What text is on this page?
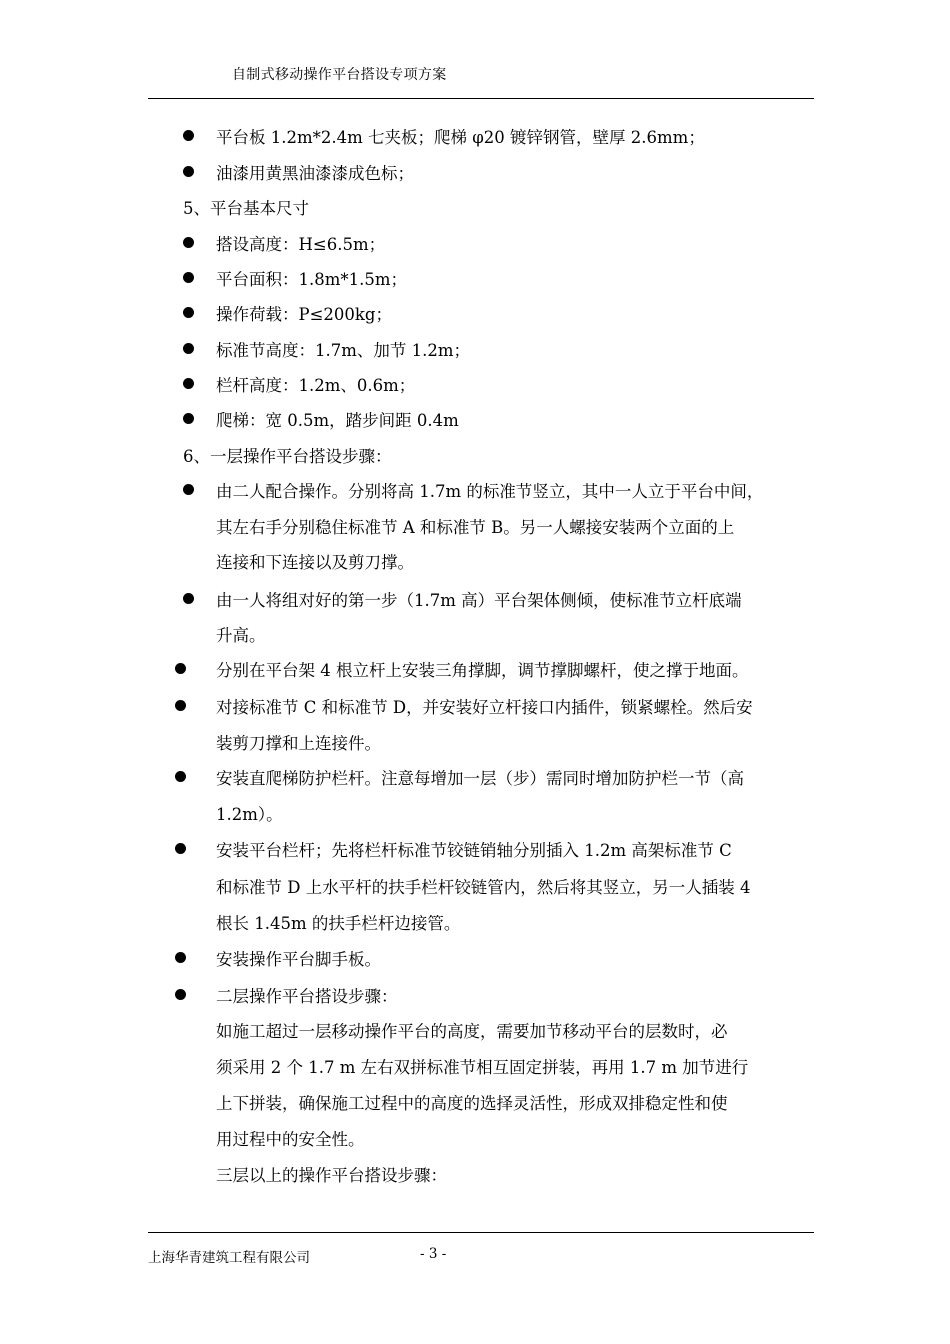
自制式移动操作平台搭设专项方案
平台板 1.2m*2.4m 七夹板；爬梯 φ20 镀锌钢管，壁厚 2.6mm；
油漆用黄黑油漆漆成色标；
5、平台基本尺寸
搭设高度：H≤6.5m；
平台面积：1.8m*1.5m；
操作荷载：P≤200kg；
标准节高度：1.7m、加节 1.2m；
栏杆高度：1.2m、0.6m；
爬梯：宽 0.5m，踏步间距 0.4m
6、一层操作平台搭设步骤：
由二人配合操作。分别将高 1.7m 的标准节竖立，其中一人立于平台中间，
其左右手分别稳住标准节 A 和标准节 B。另一人螺接安装两个立面的上
连接和下连接以及剪刀撑。
由一人将组对好的第一步（1.7m 高）平台架体侧倾，使标准节立杆底端
升高。
分别在平台架 4 根立杆上安装三角撑脚，调节撑脚螺杆，使之撑于地面。
对接标准节 C 和标准节 D，并安装好立杆接口内插件，锁紧螺栓。然后安
装剪刀撑和上连接件。
安装直爬梯防护栏杆。注意每增加一层（步）需同时增加防护栏一节（高
1.2m）。
安装平台栏杆；先将栏杆标准节铰链销轴分别插入 1.2m 高架标准节 C
和标准节 D 上水平杆的扶手栏杆铰链管内，然后将其竖立，另一人插装 4
根长 1.45m 的扶手栏杆边接管。
安装操作平台脚手板。
二层操作平台搭设步骤：
如施工超过一层移动操作平台的高度，需要加节移动平台的层数时，必
须采用 2 个 1.7 m 左右双拼标准节相互固定拼装，再用 1.7 m 加节进行
上下拼装，确保施工过程中的高度的选择灵活性，形成双排稳定性和使
用过程中的安全性。
三层以上的操作平台搭设步骤：
上海华青建筑工程有限公司	- 3 -
